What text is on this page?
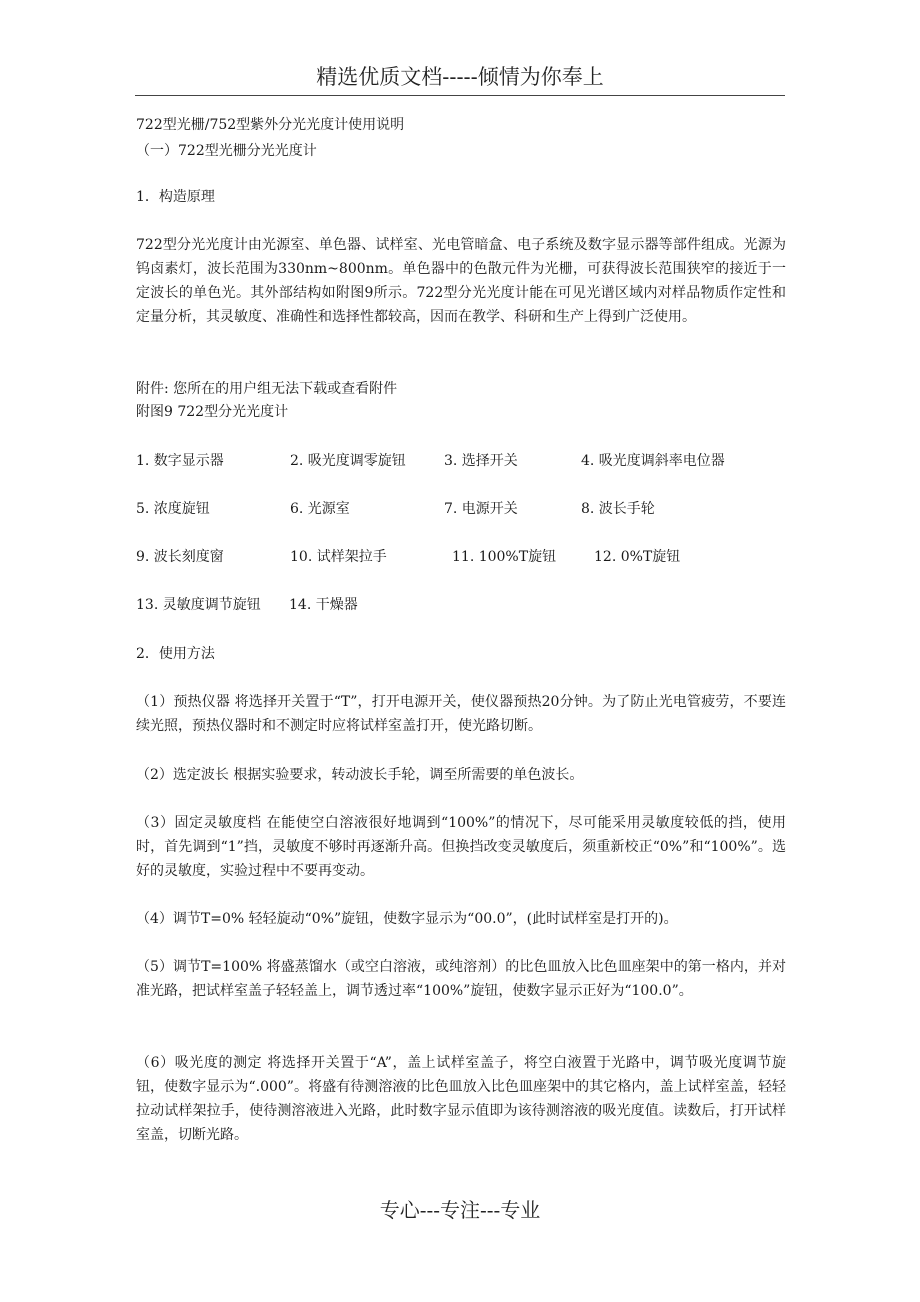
精选优质文档-----倾情为你奉上
722型光栅/752型紫外分光光度计使用说明
（一）722型光栅分光光度计
1．构造原理
722型分光光度计由光源室、单色器、试样室、光电管暗盒、电子系统及数字显示器等部件组成。光源为钨卤素灯，波长范围为330nm~800nm。单色器中的色散元件为光栅，可获得波长范围狭窄的接近于一定波长的单色光。其外部结构如附图9所示。722型分光光度计能在可见光谱区域内对样品物质作定性和定量分析，其灵敏度、准确性和选择性都较高，因而在教学、科研和生产上得到广泛使用。
附件: 您所在的用户组无法下载或查看附件
附图9 722型分光光度计
1. 数字显示器	2. 吸光度调零旋钮	3. 选择开关	4. 吸光度调斜率电位器
5. 浓度旋钮	6. 光源室	7. 电源开关	8. 波长手轮
9. 波长刻度窗	10. 试样架拉手	11. 100%T旋钮	12. 0%T旋钮
13. 灵敏度调节旋钮 14. 干燥器
2．使用方法
（1）预热仪器 将选择开关置于“T”，打开电源开关，使仪器预热20分钟。为了防止光电管疲劳，不要连续光照，预热仪器时和不测定时应将试样室盖打开，使光路切断。
（2）选定波长 根据实验要求，转动波长手轮，调至所需要的单色波长。
（3）固定灵敏度档 在能使空白溶液很好地调到“100%”的情况下，尽可能采用灵敏度较低的挡，使用时，首先调到“1”挡，灵敏度不够时再逐渐升高。但换挡改变灵敏度后，须重新校正“0%”和“100%”。选好的灵敏度，实验过程中不要再变动。
（4）调节T=0% 轻轻旋动“0%”旋钮，使数字显示为“00.0”，(此时试样室是打开的)。
（5）调节T=100% 将盛蒸馏水（或空白溶液，或纯溶剂）的比色皿放入比色皿座架中的第一格内，并对准光路，把试样室盖子轻轻盖上，调节透过率“100%”旋钮，使数字显示正好为“100.0”。
（6）吸光度的测定 将选择开关置于“A”，盖上试样室盖子，将空白液置于光路中，调节吸光度调节旋钮，使数字显示为“.000”。将盛有待测溶液的比色皿放入比色皿座架中的其它格内，盖上试样室盖，轻轻拉动试样架拉手，使待测溶液进入光路，此时数字显示值即为该待测溶液的吸光度值。读数后，打开试样室盖，切断光路。
专心---专注---专业
